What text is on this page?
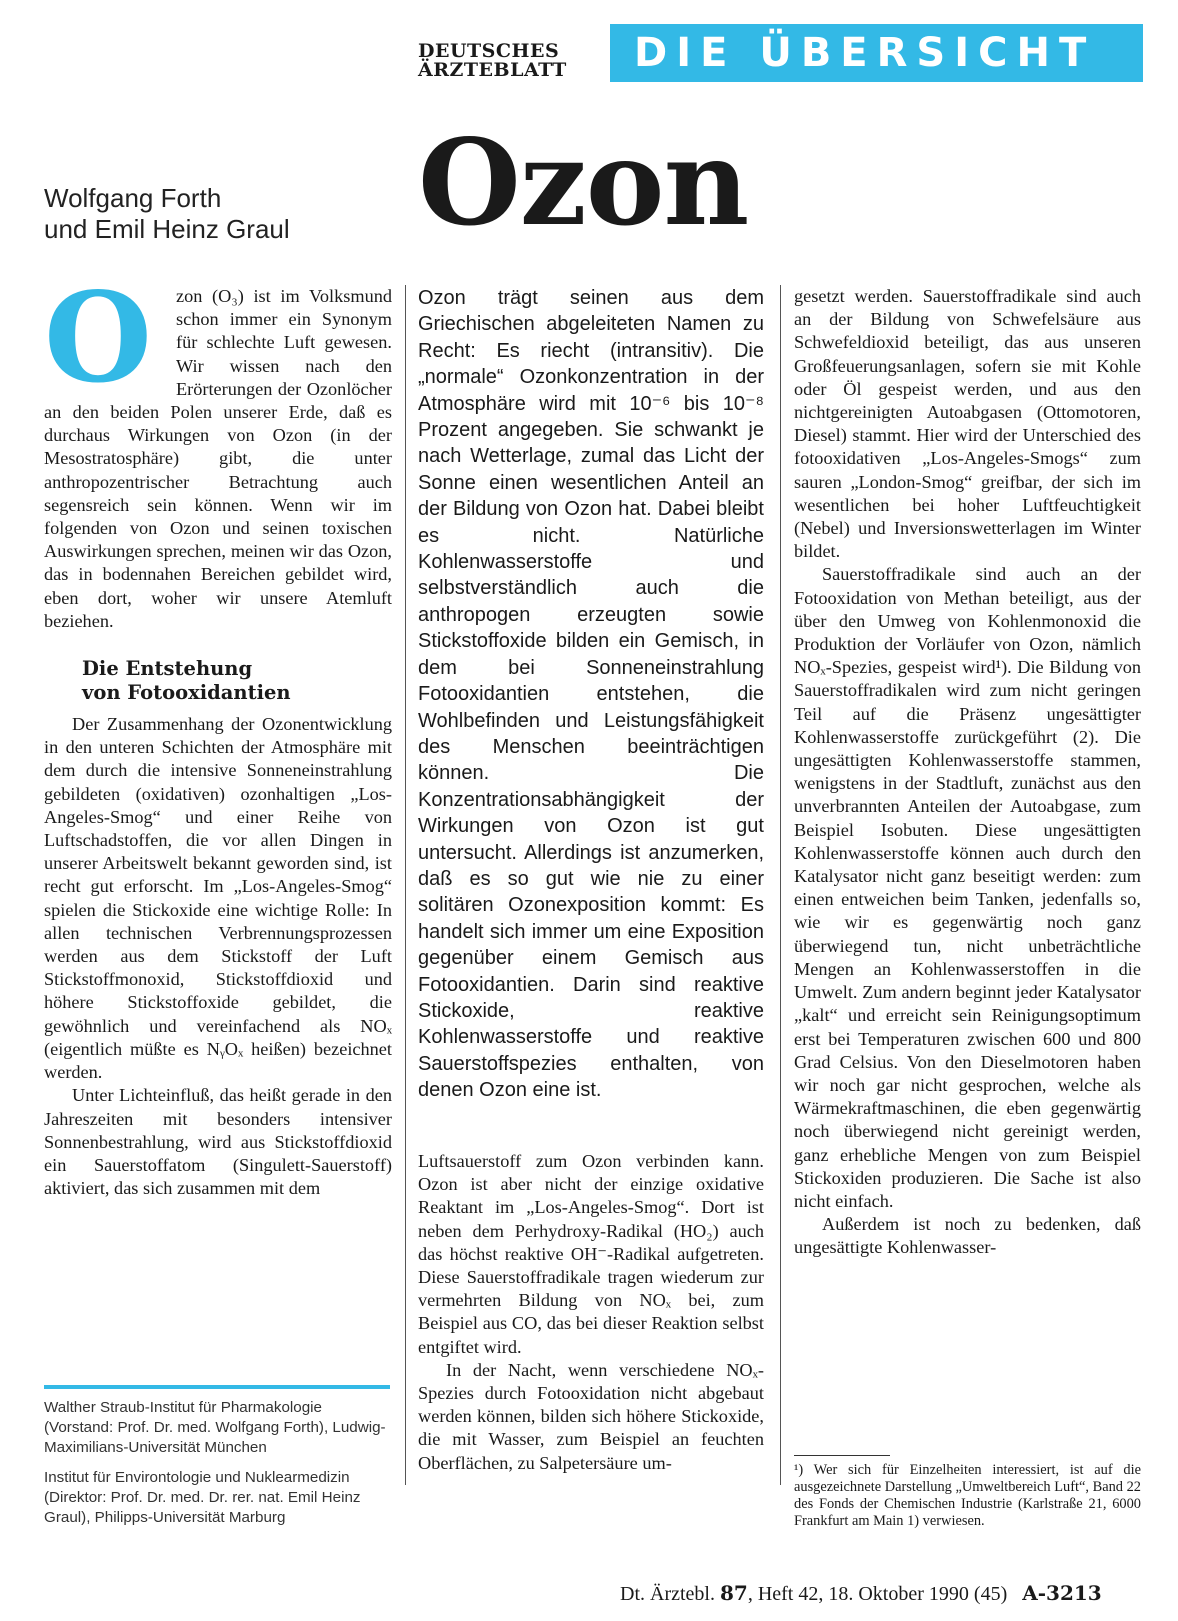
DEUTSCHES
ÄRZTEBLATT	DIE ÜBERSICHT
Wolfgang Forth
und Emil Heinz Graul Ozon

O	zon (O₃) ist im Volksmund schon immer ein Synonym für schlechte Luft gewesen. Wir wissen nach den Erörterungen der Ozonlöcher an den beiden Polen unserer Erde, daß es durchaus Wirkungen von Ozon (in der Mesostratosphäre) gibt, die unter anthropozentrischer Betrachtung auch segensreich sein können. Wenn wir im folgenden von Ozon und seinen toxischen Auswirkungen sprechen, meinen wir das Ozon, das in bodennahen Bereichen gebildet wird, eben dort, woher wir unsere Atemluft beziehen.

Die Entstehung
von Fotooxidantien

Der Zusammenhang der Ozonentwicklung in den unteren Schichten der Atmosphäre mit dem durch die intensive Sonneneinstrahlung gebildeten (oxidativen) ozonhaltigen „Los-Angeles-Smog“ und einer Reihe von Luftschadstoffen, die vor allen Dingen in unserer Arbeitswelt bekannt geworden sind, ist recht gut erforscht. Im „Los-Angeles-Smog“ spielen die Stickoxide eine wichtige Rolle: In allen technischen Verbrennungsprozessen werden aus dem Stickstoff der Luft Stickstoffmonoxid, Stickstoffdioxid und höhere Stickstoffoxide gebildet, die gewöhnlich und vereinfachend als NOₓ (eigentlich müßte es NᵧOₓ heißen) bezeichnet werden.

Unter Lichteinfluß, das heißt gerade in den Jahreszeiten mit besonders intensiver Sonnenbestrahlung, wird aus Stickstoffdioxid ein Sauerstoffatom (Singulett-Sauerstoff) aktiviert, das sich zusammen mit dem

Walther Straub-Institut für Pharmakologie (Vorstand: Prof. Dr. med. Wolfgang Forth), Ludwig-Maximilians-Universität München
Institut für Environtologie und Nuklearmedizin (Direktor: Prof. Dr. med. Dr. rer. nat. Emil Heinz Graul), Philipps-Universität Marburg

Ozon trägt seinen aus dem Griechischen abgeleiteten Namen zu Recht: Es riecht (intransitiv). Die „normale“ Ozonkonzentration in der Atmosphäre wird mit 10⁻⁶ bis 10⁻⁸ Prozent angegeben. Sie schwankt je nach Wetterlage, zumal das Licht der Sonne einen wesentlichen Anteil an der Bildung von Ozon hat. Dabei bleibt es nicht. Natürliche Kohlenwasserstoffe und selbstverständlich auch die anthropogen erzeugten sowie Stickstoffoxide bilden ein Gemisch, in dem bei Sonneneinstrahlung Fotooxidantien entstehen, die Wohlbefinden und Leistungsfähigkeit des Menschen beeinträchtigen können. Die Konzentrationsabhängigkeit der Wirkungen von Ozon ist gut untersucht. Allerdings ist anzumerken, daß es so gut wie nie zu einer solitären Ozonexposition kommt: Es handelt sich immer um eine Exposition gegenüber einem Gemisch aus Fotooxidantien. Darin sind reaktive Stickoxide, reaktive Kohlenwasserstoffe und reaktive Sauerstoffspezies enthalten, von denen Ozon eine ist.

Luftsauerstoff zum Ozon verbinden kann. Ozon ist aber nicht der einzige oxidative Reaktant im „Los-Angeles-Smog“. Dort ist neben dem Perhydroxy-Radikal (HO₂) auch das höchst reaktive OH⁻-Radikal aufgetreten. Diese Sauerstoffradikale tragen wiederum zur vermehrten Bildung von NOₓ bei, zum Beispiel aus CO, das bei dieser Reaktion selbst entgiftet wird.

In der Nacht, wenn verschiedene NOₓ-Spezies durch Fotooxidation nicht abgebaut werden können, bilden sich höhere Stickoxide, die mit Wasser, zum Beispiel an feuchten Oberflächen, zu Salpetersäure um-

gesetzt werden. Sauerstoffradikale sind auch an der Bildung von Schwefelsäure aus Schwefeldioxid beteiligt, das aus unseren Großfeuerungsanlagen, sofern sie mit Kohle oder Öl gespeist werden, und aus den nichtgereinigten Autoabgasen (Ottomotoren, Diesel) stammt. Hier wird der Unterschied des fotooxidativen „Los-Angeles-Smogs“ zum sauren „London-Smog“ greifbar, der sich im wesentlichen bei hoher Luftfeuchtigkeit (Nebel) und Inversionswetterlagen im Winter bildet.

Sauerstoffradikale sind auch an der Fotooxidation von Methan beteiligt, aus der über den Umweg von Kohlenmonoxid die Produktion der Vorläufer von Ozon, nämlich NOₓ-Spezies, gespeist wird¹). Die Bildung von Sauerstoffradikalen wird zum nicht geringen Teil auf die Präsenz ungesättigter Kohlenwasserstoffe zurückgeführt (2). Die ungesättigten Kohlenwasserstoffe stammen, wenigstens in der Stadtluft, zunächst aus den unverbrannten Anteilen der Autoabgase, zum Beispiel Isobuten. Diese ungesättigten Kohlenwasserstoffe können auch durch den Katalysator nicht ganz beseitigt werden: zum einen entweichen beim Tanken, jedenfalls so, wie wir es gegenwärtig noch ganz überwiegend tun, nicht unbeträchtliche Mengen an Kohlenwasserstoffen in die Umwelt. Zum andern beginnt jeder Katalysator „kalt“ und erreicht sein Reinigungsoptimum erst bei Temperaturen zwischen 600 und 800 Grad Celsius. Von den Dieselmotoren haben wir noch gar nicht gesprochen, welche als Wärmekraftmaschinen, die eben gegenwärtig noch überwiegend nicht gereinigt werden, ganz erhebliche Mengen von zum Beispiel Stickoxiden produzieren. Die Sache ist also nicht einfach.

Außerdem ist noch zu bedenken, daß ungesättigte Kohlenwasser-

¹) Wer sich für Einzelheiten interessiert, ist auf die ausgezeichnete Darstellung „Umweltbereich Luft“, Band 22 des Fonds der Chemischen Industrie (Karlstraße 21, 6000 Frankfurt am Main 1) verwiesen.
Dt. Ärztebl. 87, Heft 42, 18. Oktober 1990 (45) A-3213
